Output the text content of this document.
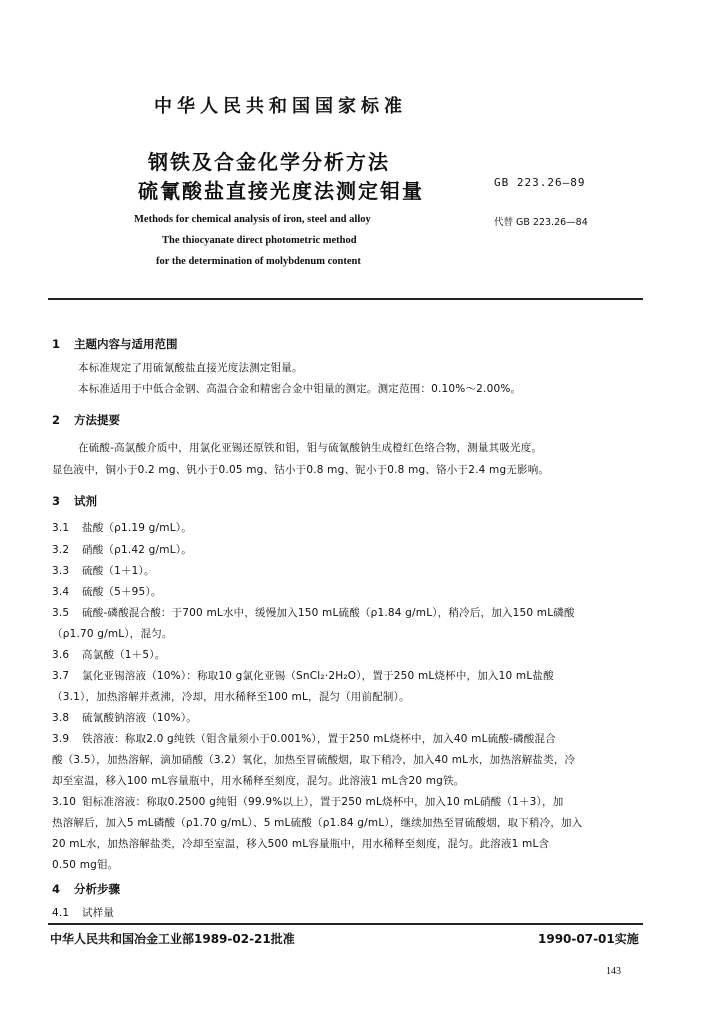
中华人民共和国国家标准
钢铁及合金化学分析方法
硫氰酸盐直接光度法测定钼量	GB 223.26—89
Methods for chemical analysis of iron, steel and alloy	代替 GB 223.26—84
The thiocyanate direct photometric method
for the determination of molybdenum content
1 主题内容与适用范围
本标准规定了用硫氰酸盐直接光度法测定钼量。
本标准适用于中低合金钢、高温合金和精密合金中钼量的测定。测定范围：0.10%～2.00%。
2 方法提要
在硫酸-高氯酸介质中，用氯化亚锡还原铁和钼，钼与硫氰酸钠生成橙红色络合物，测量其吸光度。
显色液中，铜小于0.2 mg、钒小于0.05 mg、钴小于0.8 mg、铌小于0.8 mg、铬小于2.4 mg无影响。
3 试剂
3.1 盐酸（ρ1.19 g/mL）。
3.2 硝酸（ρ1.42 g/mL）。
3.3 硫酸（1＋1）。
3.4 硫酸（5＋95）。
3.5 硫酸-磷酸混合酸：于700 mL水中，缓慢加入150 mL硫酸（ρ1.84 g/mL），稍冷后，加入150 mL磷酸
（ρ1.70 g/mL），混匀。
3.6 高氯酸（1＋5）。
3.7 氯化亚锡溶液（10%）：称取10 g氯化亚锡（SnCl₂·2H₂O），置于250 mL烧杯中，加入10 mL盐酸
（3.1），加热溶解并煮沸，冷却，用水稀释至100 mL，混匀（用前配制）。
3.8 硫氰酸钠溶液（10%）。
3.9 铁溶液：称取2.0 g纯铁（钼含量须小于0.001%），置于250 mL烧杯中，加入40 mL硫酸-磷酸混合
酸（3.5），加热溶解，滴加硝酸（3.2）氧化，加热至冒硫酸烟，取下稍冷，加入40 mL水，加热溶解盐类，冷
却至室温，移入100 mL容量瓶中，用水稀释至刻度，混匀。此溶液1 mL含20 mg铁。
3.10 钼标准溶液：称取0.2500 g纯钼（99.9%以上），置于250 mL烧杯中，加入10 mL硝酸（1＋3），加
热溶解后，加入5 mL磷酸（ρ1.70 g/mL）、5 mL硫酸（ρ1.84 g/mL），继续加热至冒硫酸烟，取下稍冷，加入
20 mL水，加热溶解盐类，冷却至室温，移入500 mL容量瓶中，用水稀释至刻度，混匀。此溶液1 mL含
0.50 mg钼。
4 分析步骤
4.1 试样量
中华人民共和国冶金工业部1989-02-21批准	1990-07-01实施
143
